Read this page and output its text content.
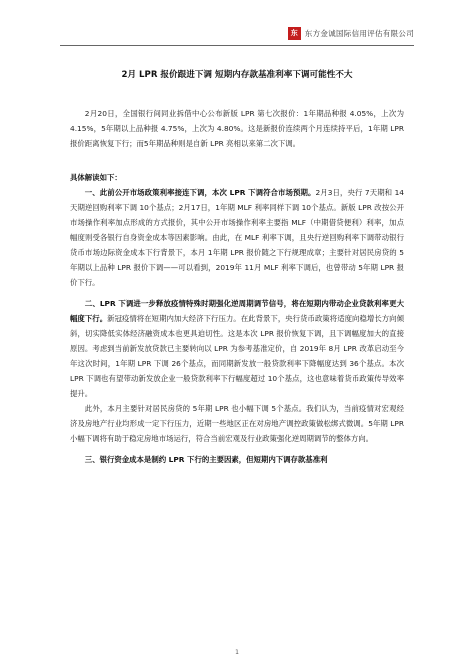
东 东方金诚国际信用评估有限公司
2月 LPR 报价跟进下调 短期内存款基准利率下调可能性不大

2月20日，全国银行间同业拆借中心公布新版 LPR 第七次报价：1年期品种报 4.05%，上次为 4.15%，5年期以上品种报 4.75%，上次为 4.80%。这是新报价连续两个月连续持平后，1年期 LPR 报价距离恢复下行；而5年期品种则是自新 LPR 亮相以来第二次下调。

具体解读如下：

一、此前公开市场政策利率接连下调，本次 LPR 下调符合市场预期。2月3日，央行 7天期和 14天期逆回购利率下调 10个基点；2月17日，1年期 MLF 利率同样下调 10个基点。新版 LPR 改按公开市场操作利率加点形成的方式报价，其中公开市场操作利率主要指 MLF（中期借贷便利）利率，加点幅度则受各银行自身资金成本等因素影响。由此，在 MLF 利率下调，且央行逆回购利率下调带动银行货币市场边际资金成本下行背景下，本月 1年期 LPR 报价随之下行规理成章；主要针对居民房贷的 5年期以上品种 LPR 报价下调——可以看到，2019年 11月 MLF 利率下调后，也曾带动 5年期 LPR 报价下行。

二、LPR 下调进一步释放疫情特殊时期强化逆周期调节信号，将在短期内带动企业贷款利率更大幅度下行。新冠疫情将在短期内加大经济下行压力。在此背景下，央行货币政策将适度向稳增长方向倾斜，切实降低实体经济融资成本也更具迫切性。这是本次 LPR 报价恢复下调，且下调幅度加大的直接原因。考虑到当前新发放贷款已主要转向以 LPR 为参考基准定价，自 2019年 8月 LPR 改革启动至今年这次时间，1年期 LPR 下调 26个基点，而同期新发放一般贷款利率下降幅度达到 36个基点。本次 LPR 下调也有望带动新发放企业一般贷款利率下行幅度超过 10个基点，这也意味着货币政策传导效率提升。

此外，本月主要针对居民房贷的 5年期 LPR 也小幅下调 5个基点。我们认为，当前疫情对宏观经济及房地产行业均形成一定下行压力，近期一些地区正在对房地产调控政策做松绑式微调。5年期 LPR 小幅下调将有助于稳定房地市场运行，符合当前宏观及行业政策强化逆周期调节的整体方向。

三、银行资金成本是制约 LPR 下行的主要因素，但短期内下调存款基准利

1
